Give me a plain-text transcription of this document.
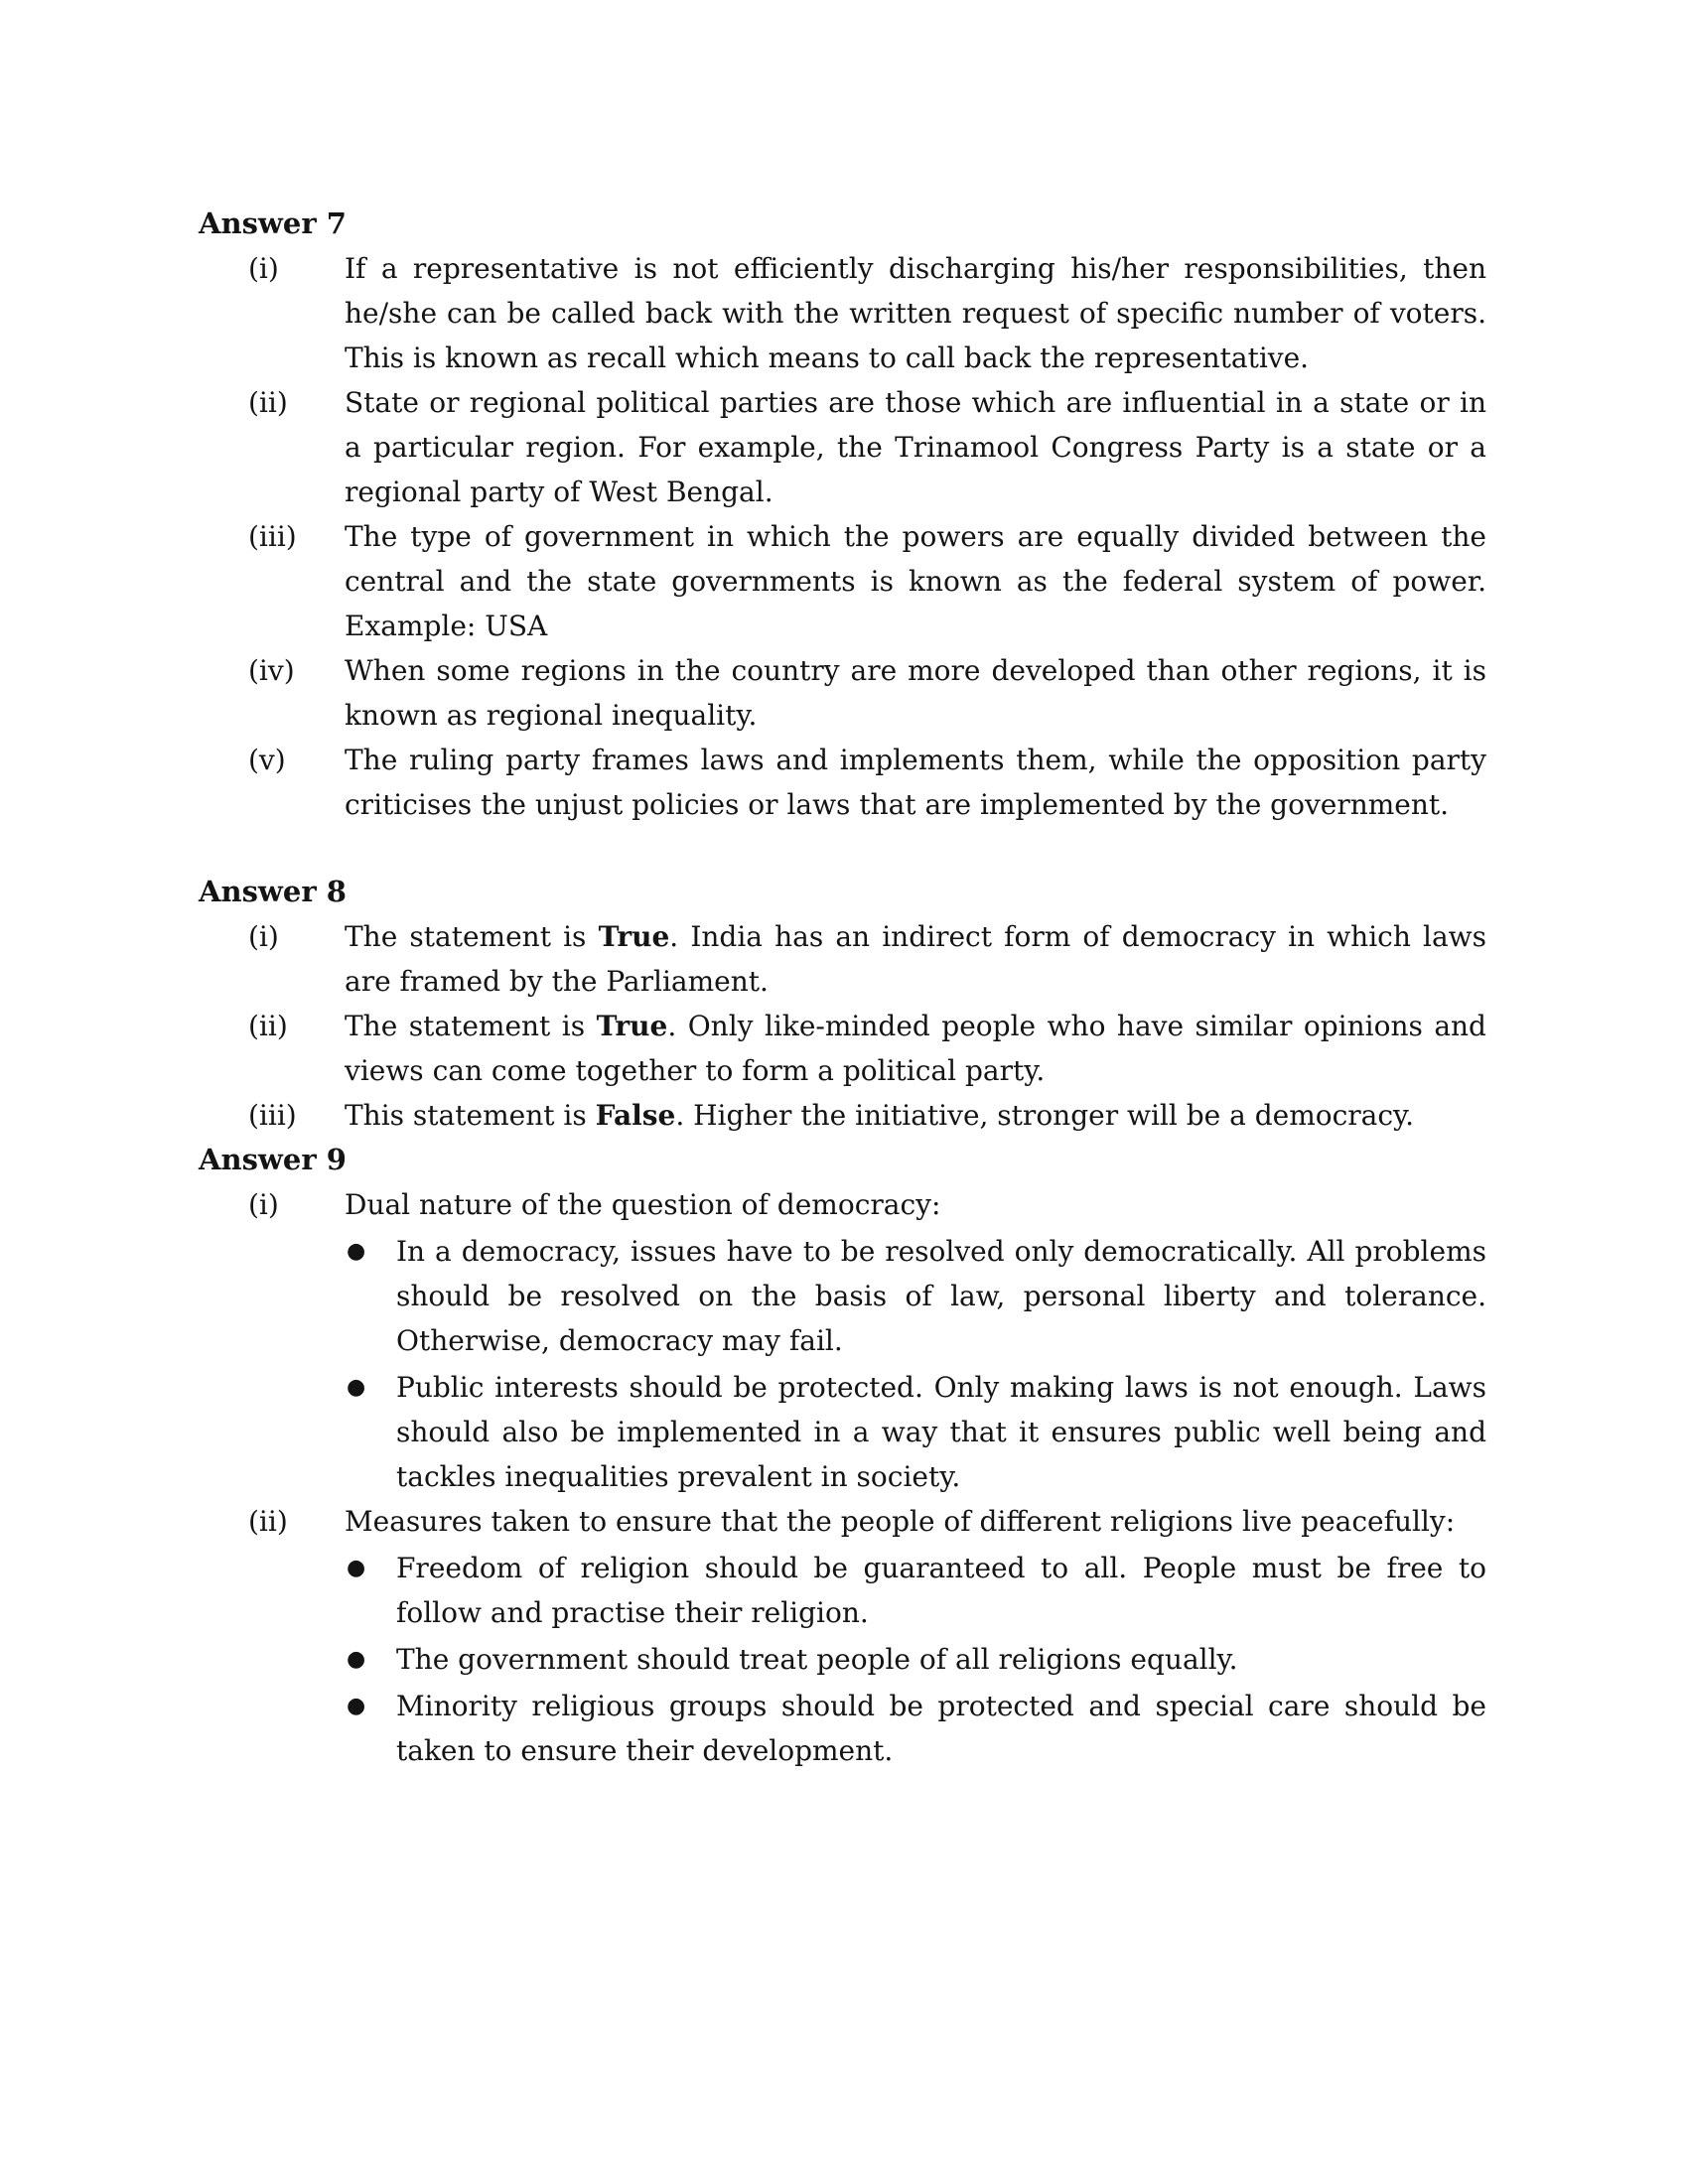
Answer 7
(i)	If a representative is not efficiently discharging his/her responsibilities, then he/she can be called back with the written request of specific number of voters. This is known as recall which means to call back the representative.
(ii)	State or regional political parties are those which are influential in a state or in a particular region. For example, the Trinamool Congress Party is a state or a regional party of West Bengal.
(iii)	The type of government in which the powers are equally divided between the central and the state governments is known as the federal system of power. Example: USA
(iv)	When some regions in the country are more developed than other regions, it is known as regional inequality.
(v)	The ruling party frames laws and implements them, while the opposition party criticises the unjust policies or laws that are implemented by the government.
Answer 8
(i)	The statement is True. India has an indirect form of democracy in which laws are framed by the Parliament.
(ii)	The statement is True. Only like-minded people who have similar opinions and views can come together to form a political party.
(iii)	This statement is False. Higher the initiative, stronger will be a democracy.
Answer 9
(i)	Dual nature of the question of democracy:
●	In a democracy, issues have to be resolved only democratically. All problems should be resolved on the basis of law, personal liberty and tolerance. Otherwise, democracy may fail.
●	Public interests should be protected. Only making laws is not enough. Laws should also be implemented in a way that it ensures public well being and tackles inequalities prevalent in society.
(ii)	Measures taken to ensure that the people of different religions live peacefully:
●	Freedom of religion should be guaranteed to all. People must be free to follow and practise their religion.
●	The government should treat people of all religions equally.
●	Minority religious groups should be protected and special care should be taken to ensure their development.
